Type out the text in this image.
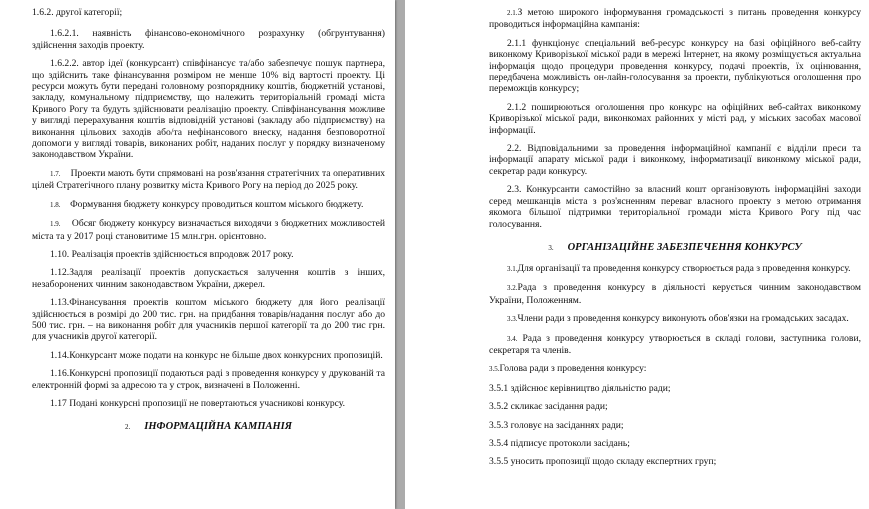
1.6.2. другої категорії;

1.6.2.1. наявність фінансово-економічного розрахунку (обгрунтування) здійснення заходів проекту.

1.6.2.2. автор ідеї (конкурсант) співфінансує та/або забезпечує пошук партнера, що здійснить таке фінансування розміром не менше 10% від вартості проекту. Ці ресурси можуть бути передані головному розпоряднику коштів, бюджетній установі, закладу, комунальному підприємству, що належить територіальній громаді міста Кривого Рогу та будуть здійснювати реалізацію проекту. Співфінансування можливе у вигляді перерахування коштів відповідній установі (закладу або підприємству) на виконання цільових заходів або/та нефінансового внеску, надання безповоротної допомоги у вигляді товарів, виконаних робіт, наданих послуг у порядку визначеному законодавством України.

1.7. Проекти мають бути спрямовані на розв'язання стратегічних та оперативних цілей Стратегічного плану розвитку міста Кривого Рогу на період до 2025 року.

1.8. Формування бюджету конкурсу проводиться коштом міського бюджету.

1.9. Обсяг бюджету конкурсу визначається виходячи з бюджетних можливостей міста та у 2017 році становитиме 15 млн.грн. орієнтовно.

1.10. Реалізація проектів здійснюється впродовж 2017 року.

1.12.Задля реалізації проектів допускається залучення коштів з інших, незаборонених чинним законодавством України, джерел.

1.13.Фінансування проектів коштом міського бюджету для його реалізації здійснюється в розмірі до 200 тис. грн. на придбання товарів/надання послуг або до 500 тис. грн. – на виконання робіт для учасників першої категорії та до 200 тис грн. для учасників другої категорії.

1.14.Конкурсант може подати на конкурс не більше двох конкурсних пропозицій.

1.16.Конкурсні пропозиції подаються раді з проведення конкурсу у друкованій та електронній формі за адресою та у строк, визначені в Положенні.

1.17 Подані конкурсні пропозиції не повертаються учасникові конкурсу.

2. ІНФОРМАЦІЙНА КАМПАНІЯ

2.1.З метою широкого інформування громадськості з питань проведення конкурсу проводиться інформаційна кампанія:

2.1.1 функціонує спеціальний веб-ресурс конкурсу на базі офіційного веб-сайту виконкому Криворізької міської ради в мережі Інтернет, на якому розміщується актуальна інформація щодо процедури проведення конкурсу, подачі проектів, їх оцінювання, передбачена можливість он-лайн-голосування за проекти, публікуються оголошення про переможців конкурсу;

2.1.2 поширюються оголошення про конкурс на офіційних веб-сайтах виконкому Криворізької міської ради, виконкомах районних у місті рад, у міських засобах масової інформації.

2.2. Відповідальними за проведення інформаційної кампанії є відділи преси та інформації апарату міської ради і виконкому, інформатизації виконкому міської ради, секретар ради конкурсу.

2.3. Конкурсанти самостійно за власний кошт організовують інформаційні заходи серед мешканців міста з роз'ясненням переваг власного проекту з метою отримання якомога більшої підтримки територіальної громади міста Кривого Рогу під час голосування.

3. ОРГАНІЗАЦІЙНЕ ЗАБЕЗПЕЧЕННЯ КОНКУРСУ

3.1.Для організації та проведення конкурсу створюється рада з проведення конкурсу.

3.2.Рада з проведення конкурсу в діяльності керується чинним законодавством України, Положенням.

3.3.Члени ради з проведення конкурсу виконують обов'язки на громадських засадах.

3.4. Рада з проведення конкурсу утворюється в складі голови, заступника голови, секретаря та членів.

3.5.Голова ради з проведення конкурсу:

3.5.1 здійснює керівництво діяльністю ради;

3.5.2 скликає засідання ради;

3.5.3 головує на засіданнях ради;

3.5.4 підписує протоколи засідань;

3.5.5 уносить пропозиції щодо складу експертних груп;
